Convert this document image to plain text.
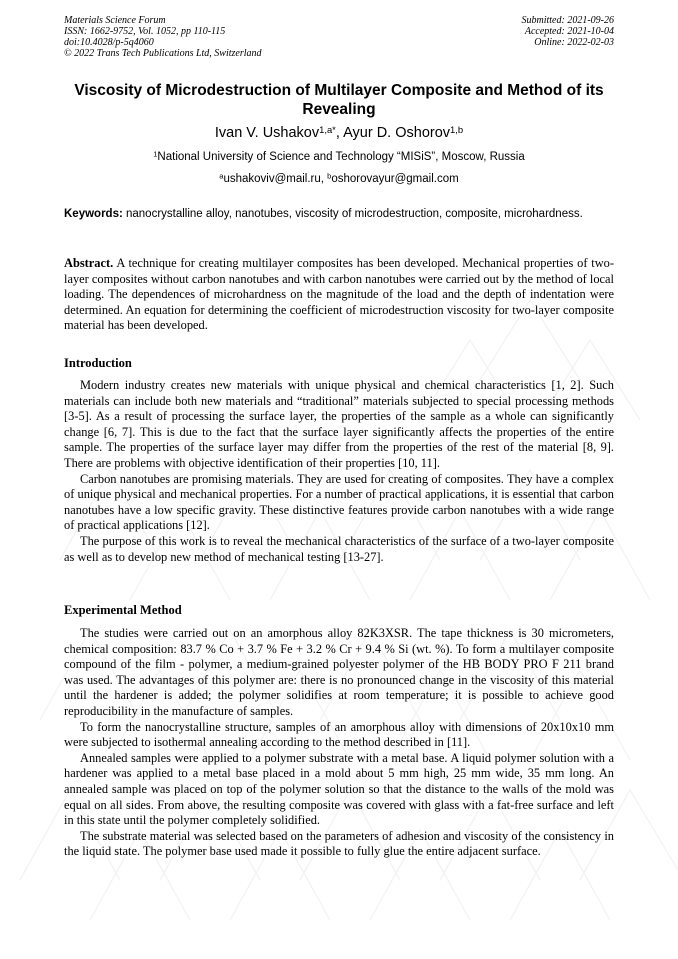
Materials Science Forum
ISSN: 1662-9752, Vol. 1052, pp 110-115
doi:10.4028/p-5q4060
© 2022 Trans Tech Publications Ltd, Switzerland
Submitted: 2021-09-26
Accepted: 2021-10-04
Online: 2022-02-03
Viscosity of Microdestruction of Multilayer Composite and Method of its Revealing
Ivan V. Ushakov$^{1,a*}$, Ayur D. Oshorov$^{1,b}$
$^1$National University of Science and Technology “MISiS”, Moscow, Russia
$^a$ushakoviv@mail.ru, $^b$oshorovayur@gmail.com
Keywords: nanocrystalline alloy, nanotubes, viscosity of microdestruction, composite, microhardness.
Abstract. A technique for creating multilayer composites has been developed. Mechanical properties of two-layer composites without carbon nanotubes and with carbon nanotubes were carried out by the method of local loading. The dependences of microhardness on the magnitude of the load and the depth of indentation were determined. An equation for determining the coefficient of microdestruction viscosity for two-layer composite material has been developed.
Introduction

Modern industry creates new materials with unique physical and chemical characteristics [1, 2]. Such materials can include both new materials and “traditional” materials subjected to special processing methods [3-5]. As a result of processing the surface layer, the properties of the sample as a whole can significantly change [6, 7]. This is due to the fact that the surface layer significantly affects the properties of the entire sample. The properties of the surface layer may differ from the properties of the rest of the material [8, 9]. There are problems with objective identification of their properties [10, 11].

Carbon nanotubes are promising materials. They are used for creating of composites. They have a complex of unique physical and mechanical properties. For a number of practical applications, it is essential that carbon nanotubes have a low specific gravity. These distinctive features provide carbon nanotubes with a wide range of practical applications [12].

The purpose of this work is to reveal the mechanical characteristics of the surface of a two-layer composite as well as to develop new method of mechanical testing [13-27].

Experimental Method

The studies were carried out on an amorphous alloy 82K3XSR. The tape thickness is 30 micrometers, chemical composition: 83.7 % Co + 3.7 % Fe + 3.2 % Cr + 9.4 % Si (wt. %). To form a multilayer composite compound of the film - polymer, a medium-grained polyester polymer of the HB BODY PRO F 211 brand was used. The advantages of this polymer are: there is no pronounced change in the viscosity of this material until the hardener is added; the polymer solidifies at room temperature; it is possible to achieve good reproducibility in the manufacture of samples.

To form the nanocrystalline structure, samples of an amorphous alloy with dimensions of 20x10x10 mm were subjected to isothermal annealing according to the method described in [11].

Annealed samples were applied to a polymer substrate with a metal base. A liquid polymer solution with a hardener was applied to a metal base placed in a mold about 5 mm high, 25 mm wide, 35 mm long. An annealed sample was placed on top of the polymer solution so that the distance to the walls of the mold was equal on all sides. From above, the resulting composite was covered with glass with a fat-free surface and left in this state until the polymer completely solidified.

The substrate material was selected based on the parameters of adhesion and viscosity of the consistency in the liquid state. The polymer base used made it possible to fully glue the entire adjacent surface.
